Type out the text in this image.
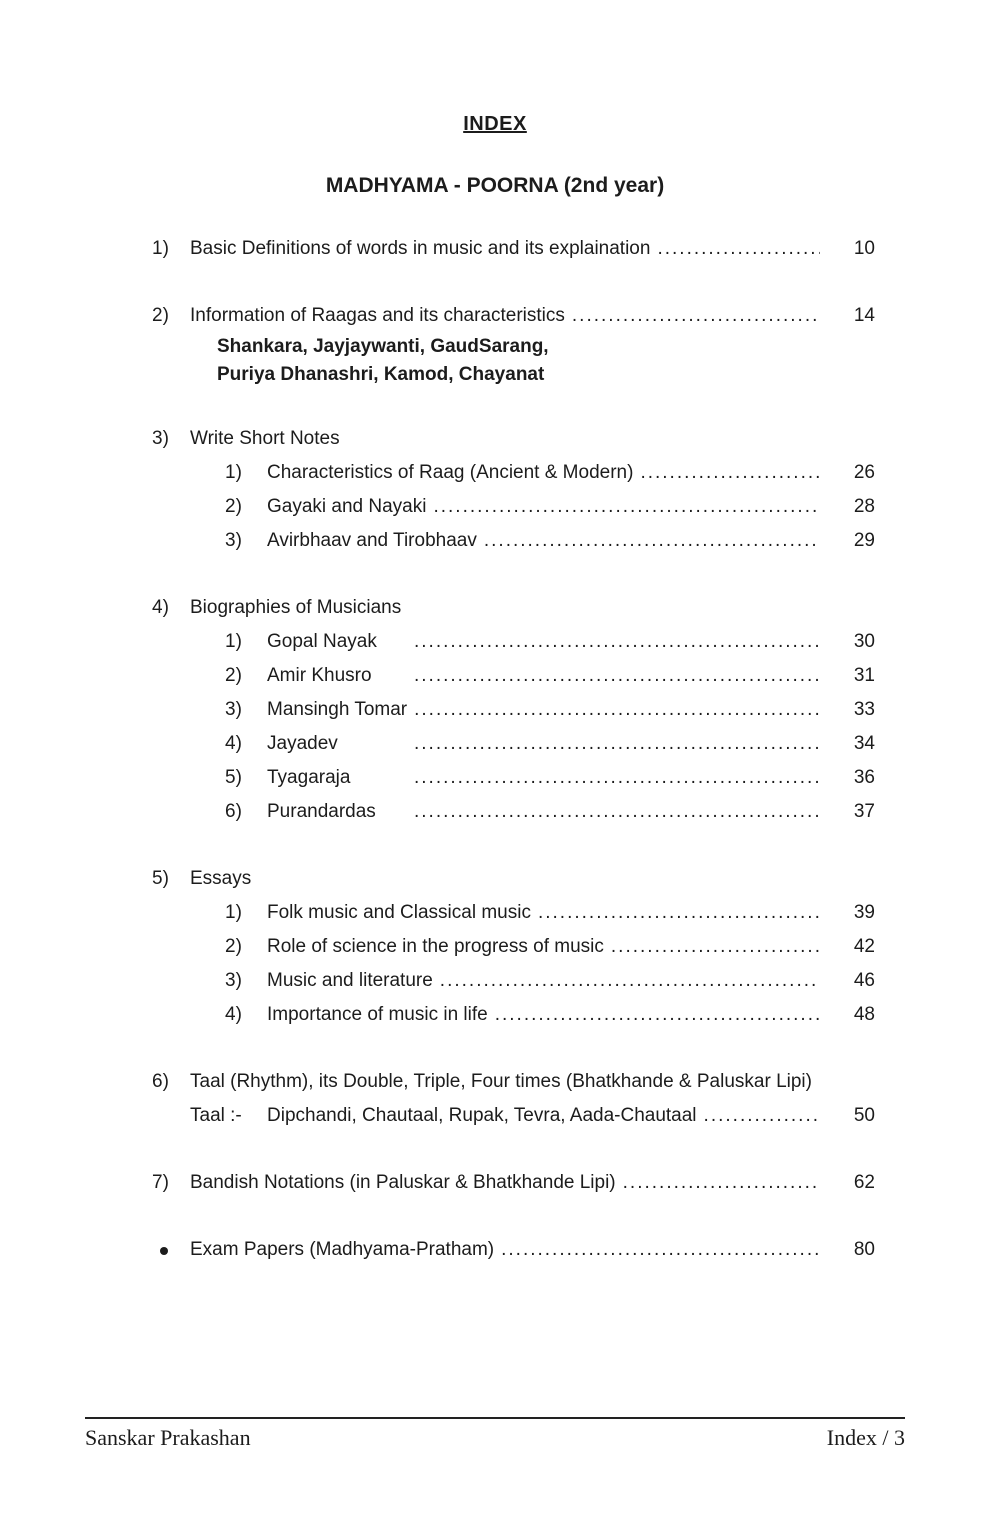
INDEX
MADHYAMA - POORNA (2nd year)
1)	Basic Definitions of words in music and its explaination .....	10
2)	Information of Raagas and its characteristics .....	14
Shankara, Jayjaywanti, GaudSarang,
Puriya Dhanashri, Kamod, Chayanat
3)	Write Short Notes
1)	Characteristics of Raag (Ancient & Modern) .....	26
2)	Gayaki and Nayaki .....	28
3)	Avirbhaav and Tirobhaav .....	29
4)	Biographies of Musicians
1)	Gopal Nayak .....	30
2)	Amir Khusro .....	31
3)	Mansingh Tomar .....	33
4)	Jayadev .....	34
5)	Tyagaraja .....	36
6)	Purandardas .....	37
5)	Essays
1)	Folk music and Classical music .....	39
2)	Role of science in the progress of music .....	42
3)	Music and literature .....	46
4)	Importance of music in life .....	48
6)	Taal (Rhythm), its Double, Triple, Four times (Bhatkhande & Paluskar Lipi)
Taal :-	Dipchandi, Chautaal, Rupak, Tevra, Aada-Chautaal .....	50
7)	Bandish Notations (in Paluskar & Bhatkhande Lipi) .....	62
Exam Papers (Madhyama-Pratham) .....	80
Sanskar Prakashan	Index / 3
